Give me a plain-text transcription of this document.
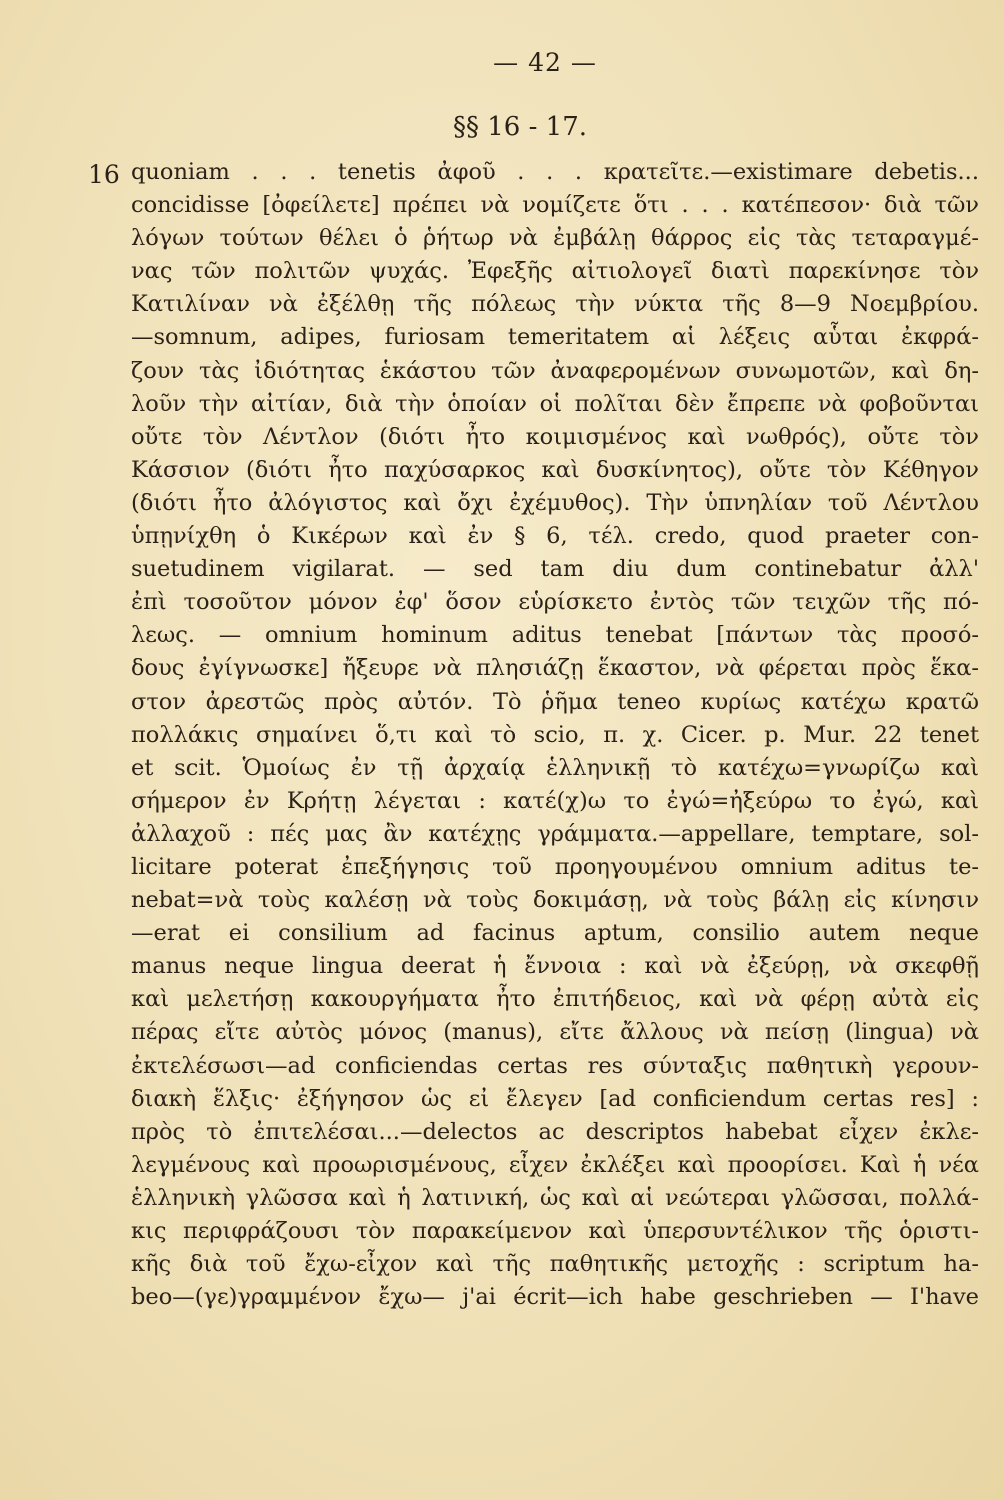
— 42 —
§§ 16 - 17.
16 quoniam . . . tenetis ἀφοῦ . . . κρατεῖτε.—existimare debetis...
concidisse [ὀφείλετε] πρέπει νὰ νομίζετε ὅτι . . . κατέπεσον· διὰ τῶν
λόγων τούτων θέλει ὁ ῥήτωρ νὰ ἐμβάλῃ θάρρος εἰς τὰς τεταραγμέ-
νας τῶν πολιτῶν ψυχάς. Ἐφεξῆς αἰτιολογεῖ διατὶ παρεκίνησε τὸν
Κατιλίναν νὰ ἐξέλθῃ τῆς πόλεως τὴν νύκτα τῆς 8—9 Νοεμβρίου.
—somnum, adipes, furiosam temeritatem αἱ λέξεις αὗται ἐκφρά-
ζουν τὰς ἰδιότητας ἑκάστου τῶν ἀναφερομένων συνωμοτῶν, καὶ δη-
λοῦν τὴν αἰτίαν, διὰ τὴν ὁποίαν οἱ πολῖται δὲν ἔπρεπε νὰ φοβοῦνται
οὔτε τὸν Λέντλον (διότι ἦτο κοιμισμένος καὶ νωθρός), οὔτε τὸν
Κάσσιον (διότι ἦτο παχύσαρκος καὶ δυσκίνητος), οὔτε τὸν Κέθηγον
(διότι ἦτο ἀλόγιστος καὶ ὄχι ἐχέμυθος). Τὴν ὑπνηλίαν τοῦ Λέντλου
ὑπῃνίχθη ὁ Κικέρων καὶ ἐν § 6, τέλ. credo, quod praeter con-
suetudinem vigilarat. — sed tam diu dum continebatur ἀλλ'
ἐπὶ τοσοῦτον μόνον ἐφ' ὅσον εὑρίσκετο ἐντὸς τῶν τειχῶν τῆς πό-
λεως. — omnium hominum aditus tenebat [πάντων τὰς προσό-
δους ἐγίγνωσκε] ἤξευρε νὰ πλησιάζῃ ἕκαστον, νὰ φέρεται πρὸς ἕκα-
στον ἀρεστῶς πρὸς αὐτόν. Τὸ ῥῆμα teneo κυρίως κατέχω κρατῶ
πολλάκις σημαίνει ὅ,τι καὶ τὸ scio, π. χ. Cicer. p. Mur. 22 tenet
et scit. Ὁμοίως ἐν τῇ ἀρχαίᾳ ἑλληνικῇ τὸ κατέχω=γνωρίζω καὶ
σήμερον ἐν Κρήτῃ λέγεται : κατέ(χ)ω το ἐγώ=ἠξεύρω το ἐγώ, καὶ
ἀλλαχοῦ : πές μας ἂν κατέχῃς γράμματα.—appellare, temptare, sol-
licitare poterat ἐπεξήγησις τοῦ προηγουμένου omnium aditus te-
nebat=νὰ τοὺς καλέσῃ νὰ τοὺς δοκιμάσῃ, νὰ τοὺς βάλῃ εἰς κίνησιν
—erat ei consilium ad facinus aptum, consilio autem neque
manus neque lingua deerat ἡ ἔννοια : καὶ νὰ ἐξεύρῃ, νὰ σκεφθῇ
καὶ μελετήσῃ κακουργήματα ἦτο ἐπιτήδειος, καὶ νὰ φέρῃ αὐτὰ εἰς
πέρας εἴτε αὐτὸς μόνος (manus), εἴτε ἄλλους νὰ πείσῃ (lingua) νὰ
ἐκτελέσωσι—ad conficiendas certas res σύνταξις παθητικὴ γερουν-
διακὴ ἕλξις· ἐξήγησον ὡς εἰ ἔλεγεν [ad conficiendum certas res] :
πρὸς τὸ ἐπιτελέσαι...—delectos ac descriptos habebat εἶχεν ἐκλε-
λεγμένους καὶ προωρισμένους, εἶχεν ἐκλέξει καὶ προορίσει. Καὶ ἡ νέα
ἑλληνικὴ γλῶσσα καὶ ἡ λατινική, ὡς καὶ αἱ νεώτεραι γλῶσσαι, πολλά-
κις περιφράζουσι τὸν παρακείμενον καὶ ὑπερσυντέλικον τῆς ὁριστι-
κῆς διὰ τοῦ ἔχω-εἶχον καὶ τῆς παθητικῆς μετοχῆς : scriptum ha-
beo—(γε)γραμμένον ἔχω— j'ai écrit—ich habe geschrieben — I'have
